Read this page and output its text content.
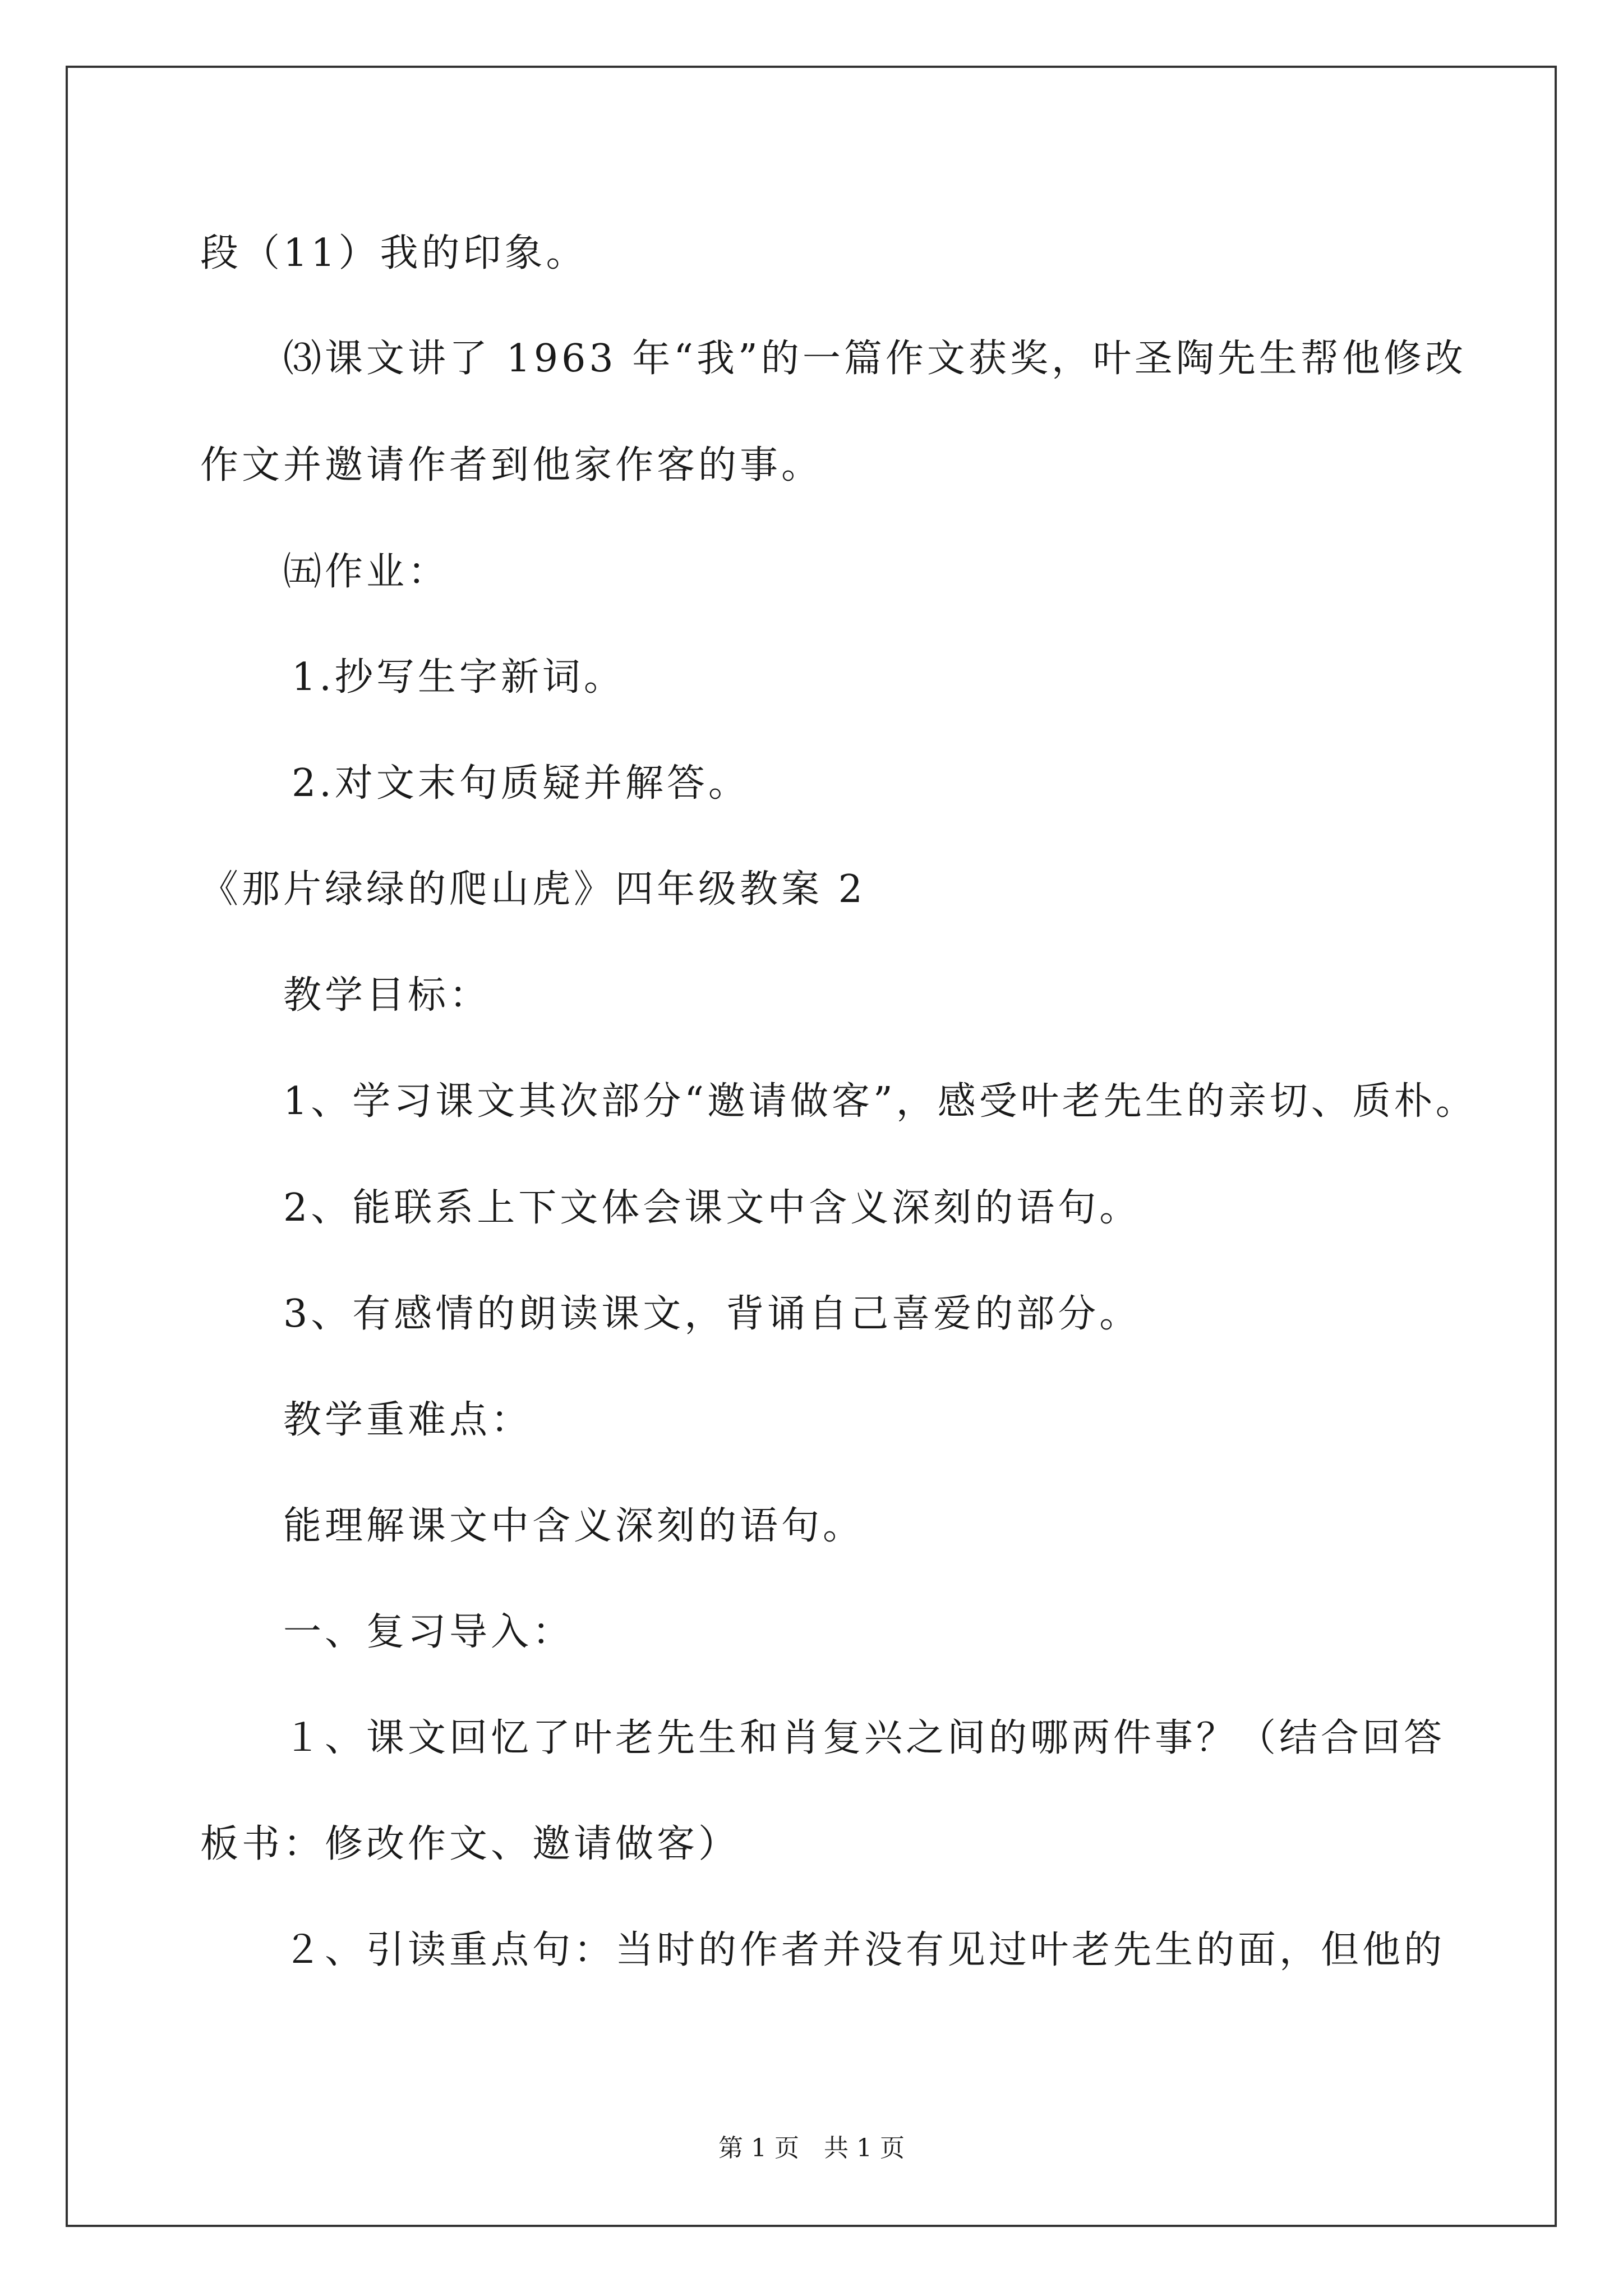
段（11）我的印象。
⑶课文讲了 1963 年“我”的一篇作文获奖，叶圣陶先生帮他修改
作文并邀请作者到他家作客的事。
㈤作业：
1.抄写生字新词。
2.对文末句质疑并解答。
《那片绿绿的爬山虎》四年级教案 2
教学目标：
1、学习课文其次部分“邀请做客”，感受叶老先生的亲切、质朴。
2、能联系上下文体会课文中含义深刻的语句。
3、有感情的朗读课文，背诵自己喜爱的部分。
教学重难点：
能理解课文中含义深刻的语句。
一、复习导入：
１、课文回忆了叶老先生和肖复兴之间的哪两件事？（结合回答
板书：修改作文、邀请做客）
２、引读重点句：当时的作者并没有见过叶老先生的面，但他的
第 1 页　共 1 页
